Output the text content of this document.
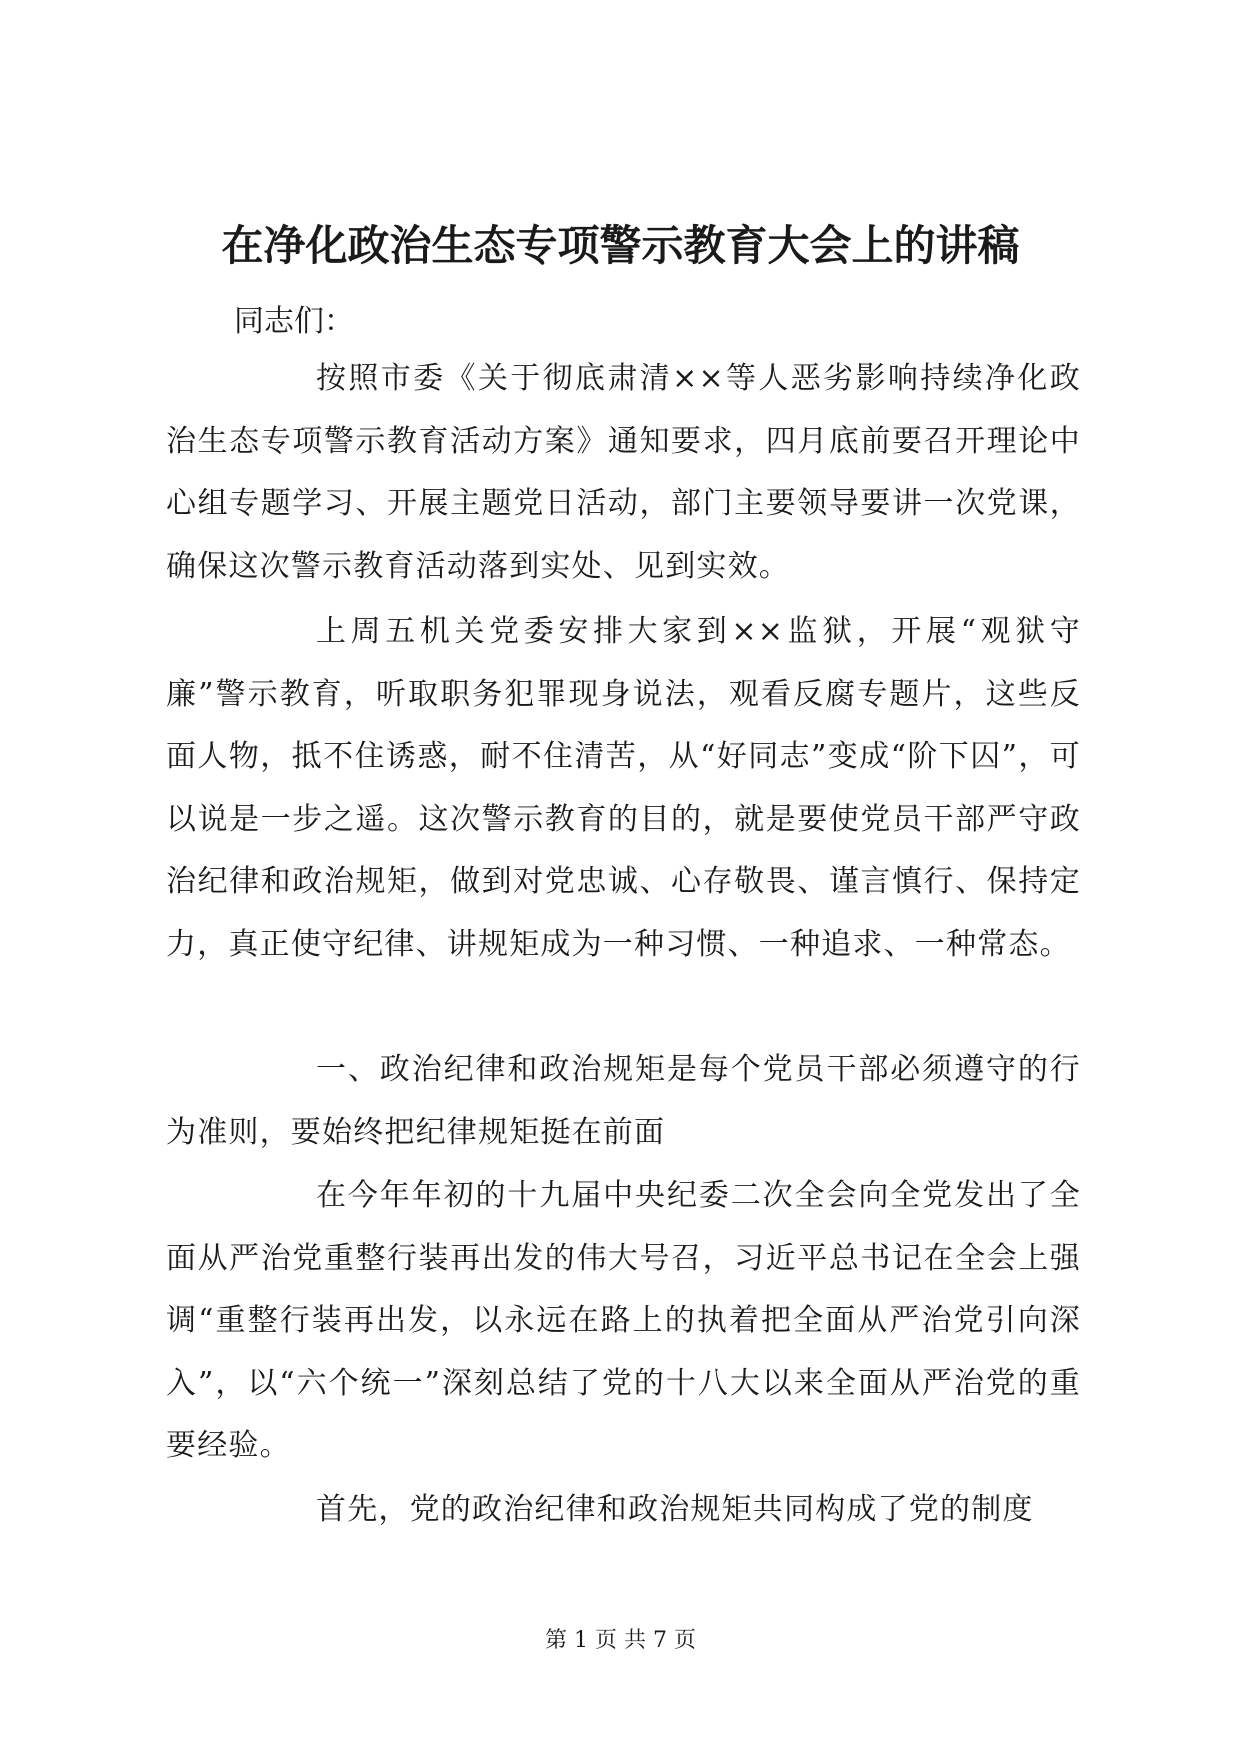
在净化政治生态专项警示教育大会上的讲稿

同志们：

按照市委《关于彻底肃清××等人恶劣影响持续净化政治生态专项警示教育活动方案》通知要求，四月底前要召开理论中心组专题学习、开展主题党日活动，部门主要领导要讲一次党课，确保这次警示教育活动落到实处、见到实效。

上周五机关党委安排大家到××监狱，开展“观狱守廉”警示教育，听取职务犯罪现身说法，观看反腐专题片，这些反面人物，抵不住诱惑，耐不住清苦，从“好同志”变成“阶下囚”，可以说是一步之遥。这次警示教育的目的，就是要使党员干部严守政治纪律和政治规矩，做到对党忠诚、心存敬畏、谨言慎行、保持定力，真正使守纪律、讲规矩成为一种习惯、一种追求、一种常态。

一、政治纪律和政治规矩是每个党员干部必须遵守的行为准则，要始终把纪律规矩挺在前面

在今年年初的十九届中央纪委二次全会向全党发出了全面从严治党重整行装再出发的伟大号召，习近平总书记在全会上强调“重整行装再出发，以永远在路上的执着把全面从严治党引向深入”，以“六个统一”深刻总结了党的十八大以来全面从严治党的重要经验。

首先，党的政治纪律和政治规矩共同构成了党的制度

第 1 页 共 7 页
